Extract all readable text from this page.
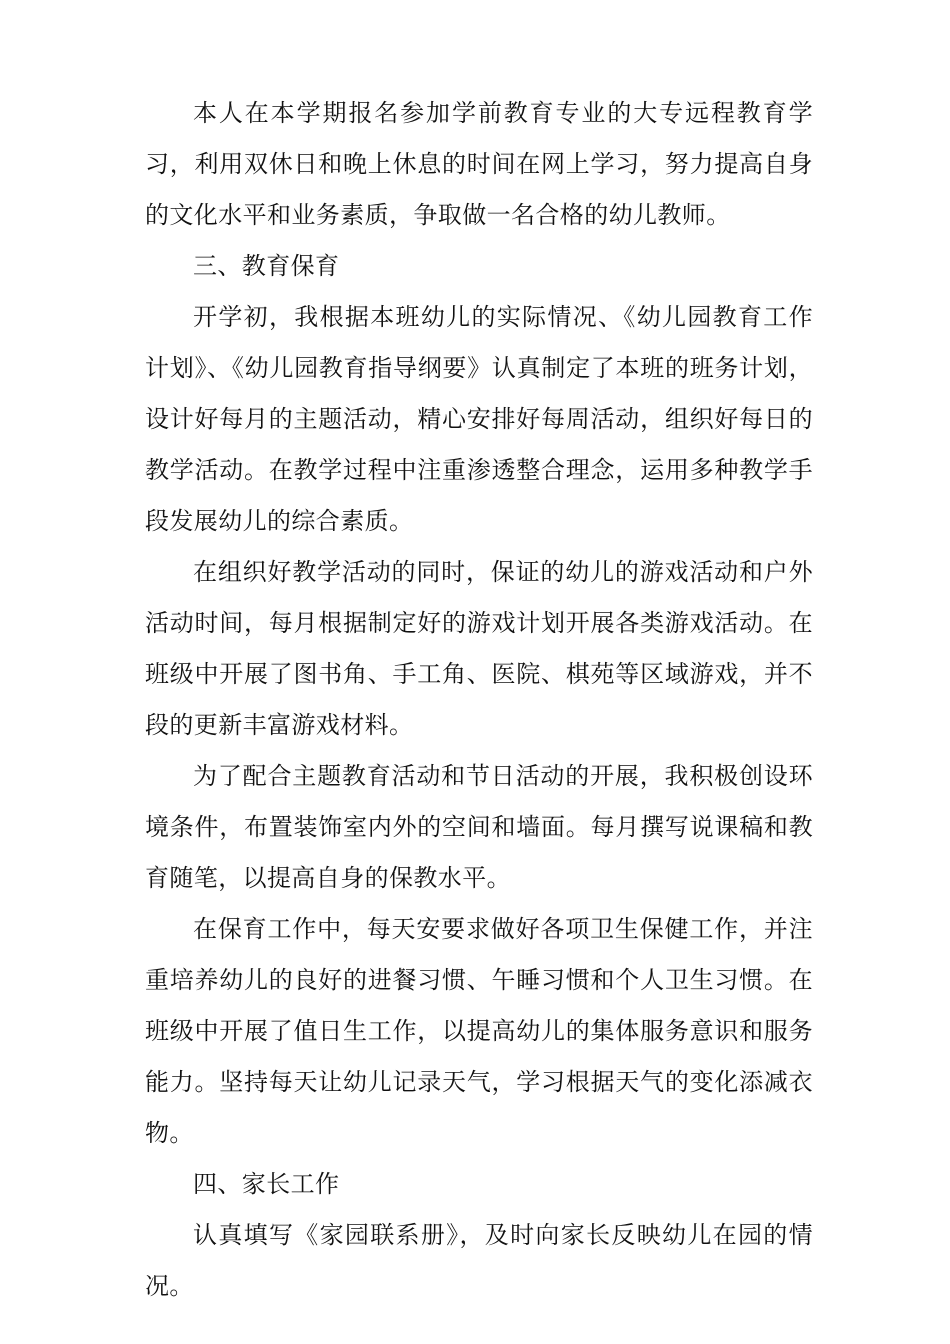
本人在本学期报名参加学前教育专业的大专远程教育学习，利用双休日和晚上休息的时间在网上学习，努力提高自身的文化水平和业务素质，争取做一名合格的幼儿教师。

三、教育保育

开学初，我根据本班幼儿的实际情况、《幼儿园教育工作计划》、《幼儿园教育指导纲要》认真制定了本班的班务计划，设计好每月的主题活动，精心安排好每周活动，组织好每日的教学活动。在教学过程中注重渗透整合理念，运用多种教学手段发展幼儿的综合素质。

在组织好教学活动的同时，保证的幼儿的游戏活动和户外活动时间，每月根据制定好的游戏计划开展各类游戏活动。在班级中开展了图书角、手工角、医院、棋苑等区域游戏，并不段的更新丰富游戏材料。

为了配合主题教育活动和节日活动的开展，我积极创设环境条件，布置装饰室内外的空间和墙面。每月撰写说课稿和教育随笔，以提高自身的保教水平。

在保育工作中，每天安要求做好各项卫生保健工作，并注重培养幼儿的良好的进餐习惯、午睡习惯和个人卫生习惯。在班级中开展了值日生工作，以提高幼儿的集体服务意识和服务能力。坚持每天让幼儿记录天气，学习根据天气的变化添减衣物。

四、家长工作

认真填写《家园联系册》，及时向家长反映幼儿在园的情况。
